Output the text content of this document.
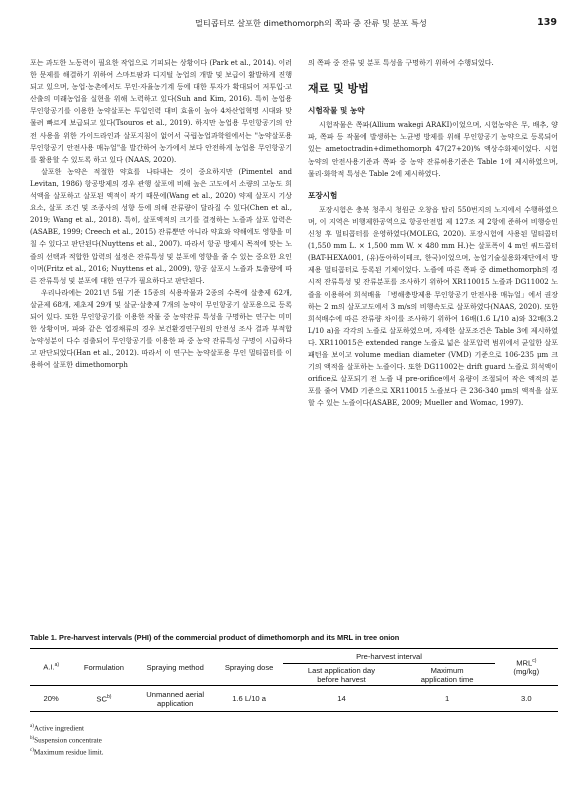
멀티콥터로 살포한 dimethomorph의 쪽파 중 잔류 및 분포 특성	139

포는 과도한 노동력이 필요한 작업으로 기피되는 상황이다 (Park et al., 2014). 이러한 문제를 해결하기 위하여 스마트팜과 디지털 농업의 개발 및 보급이 활발하게 진행되고 있으며, 농업·농촌에서도 무인·자율농기계 등에 대한 투자가 확대되어 저투입·고산출의 미래농업을 실현을 위해 노력하고 있다(Suh and Kim, 2016). 특히 농업용 무인항공기를 이용한 농약살포는 투입인력 대비 효율이 높아 4차산업혁명 시대와 맞물려 빠르게 보급되고 있다(Tsouros et al., 2019). 하지만 농업용 무인항공기의 안전 사용을 위한 가이드라인과 살포지침이 없어서 국립농업과학원에서는 "농약살포용 무인항공기 안전사용 매뉴얼"을 발간하여 농가에서 보다 안전하게 농업용 무인항공기를 활용할 수 있도록 하고 있다 (NAAS, 2020).

살포한 농약은 적절한 약효를 나타내는 것이 중요하지만 (Pimentel and Levitan, 1986) 항공방제의 경우 관행 살포에 비해 높은 고도에서 소량의 고농도 희석액을 살포하고 살포된 액적이 작기 때문에(Wang et al., 2020) 약제 살포시 기상요소, 살포 조건 및 조종사의 성향 등에 의해 잔류량이 달라질 수 있다(Chen et al., 2019; Wang et al., 2018). 특히, 살포액적의 크기를 결정하는 노즐과 살포 압력은(ASABE, 1999; Creech et al., 2015) 잔류뿐만 아니라 약효와 약해에도 영향을 미칠 수 있다고 판단된다(Nuyttens et al., 2007). 따라서 항공 방제시 목적에 맞는 노즐의 선택과 적합한 압력의 설정은 잔류특성 및 분포에 영향을 줄 수 있는 중요한 요인이며(Fritz et al., 2016; Nuyttens et al., 2009), 항공 살포시 노즐과 토출량에 따른 잔류특성 및 분포에 대한 연구가 필요하다고 판단된다.

우리나라에는 2021년 5월 기준 15종의 식용작물과 2종의 수목에 살충제 62개, 살균제 68개, 제초제 29개 및 살균·살충제 7개의 농약이 무인항공기 살포용으로 등록되어 있다. 또한 무인항공기를 이용한 작물 중 농약잔류 특성을 구명하는 연구는 미미한 상황이며, 파와 같은 엽경채류의 경우 보건환경연구원의 안전성 조사 결과 부적합 농약성분이 다수 검출되어 무인항공기를 이용한 파 중 농약 잔류특성 구명이 시급하다고 판단되었다(Han et al., 2012). 따라서 이 연구는 농약살포용 무인 멀티콥터를 이용하여 살포한 dimethomorph

의 쪽파 중 잔류 및 분포 특성을 구명하기 위하여 수행되었다.

재료 및 방법
시험작물 및 농약

시험작물은 쪽파(Allium wakegi ARAKI)이었으며, 시험농약은 무, 배추, 양파, 쪽파 등 작물에 발생하는 노균병 방제를 위해 무인항공기 농약으로 등록되어 있는 ametoctradin+dimethomorph 47(27+20)% 액상수화제이었다. 시험농약의 안전사용기준과 쪽파 중 농약 잔류허용기준은 Table 1에 제시하였으며, 물리·화학적 특성은 Table 2에 제시하였다.

포장시험

포장시험은 충북 청주시 청원군 오창읍 탑리 550번지의 노지에서 수행하였으며, 이 지역은 비행제한공역으로 항공안전법 제 127조 제 2항에 준하여 비행승인신청 후 멀티콥터를 운영하였다(MOLEG, 2020). 포장시험에 사용된 멀티콥터(1,550 mm L. × 1,500 mm W. × 480 mm H.)는 살포폭이 4 m인 쿼드콥터(BAT-HEXA001, (유)동아하이테크, 한국)이었으며, 농업기술실용화재단에서 방제용 멀티콥터로 등록된 기체이었다. 노즐에 따른 쪽파 중 dimethomorph의 경시적 잔류특성 및 잔류분포를 조사하기 위하여 XR110015 노즐과 DG11002 노즐을 이용하여 희석배율 「병해충방제용 무인항공기 안전사용 매뉴얼」에서 권장하는 2 m의 살포고도에서 3 m/s의 비행속도로 살포하였다(NAAS, 2020). 또한 희석배수에 따른 잔류량 차이를 조사하기 위하여 16배(1.6 L/10 a)와 32배(3.2 L/10 a)을 각각의 노즐로 살포하였으며, 자세한 살포조건은 Table 3에 제시하였다. XR110015은 extended range 노즐로 넓은 살포압력 범위에서 균일한 살포패턴을 보이고 volume median diameter (VMD) 기준으로 106-235 μm 크기의 액적을 살포하는 노즐이다. 또한 DG11002는 drift guard 노즐로 희석액이 orifice로 살포되기 전 노즐 내 pre-orifice에서 유량이 조절되어 작은 액적의 분포를 줄여 VMD 기준으로 XR110015 노즐보다 큰 236-340 μm의 액적을 살포할 수 있는 노즐이다(ASABE, 2009; Mueller and Womac, 1997).

Table 1. Pre-harvest intervals (PHI) of the commercial product of dimethomorph and its MRL in tree onion
A.I.$^{a)}$	Formulation	Spraying method	Spraying dose	Pre-harvest interval		MRL$^{c)}$
(mg/kg)
				Last application day before harvest	Maximum application time	
20%	SC$^{b)}$	Unmanned aerial application	1.6 L/10 a	14	1	3.0
$^{a)}$Active ingredient
$^{b)}$Suspension concentrate
$^{c)}$Maximum residue limit.
